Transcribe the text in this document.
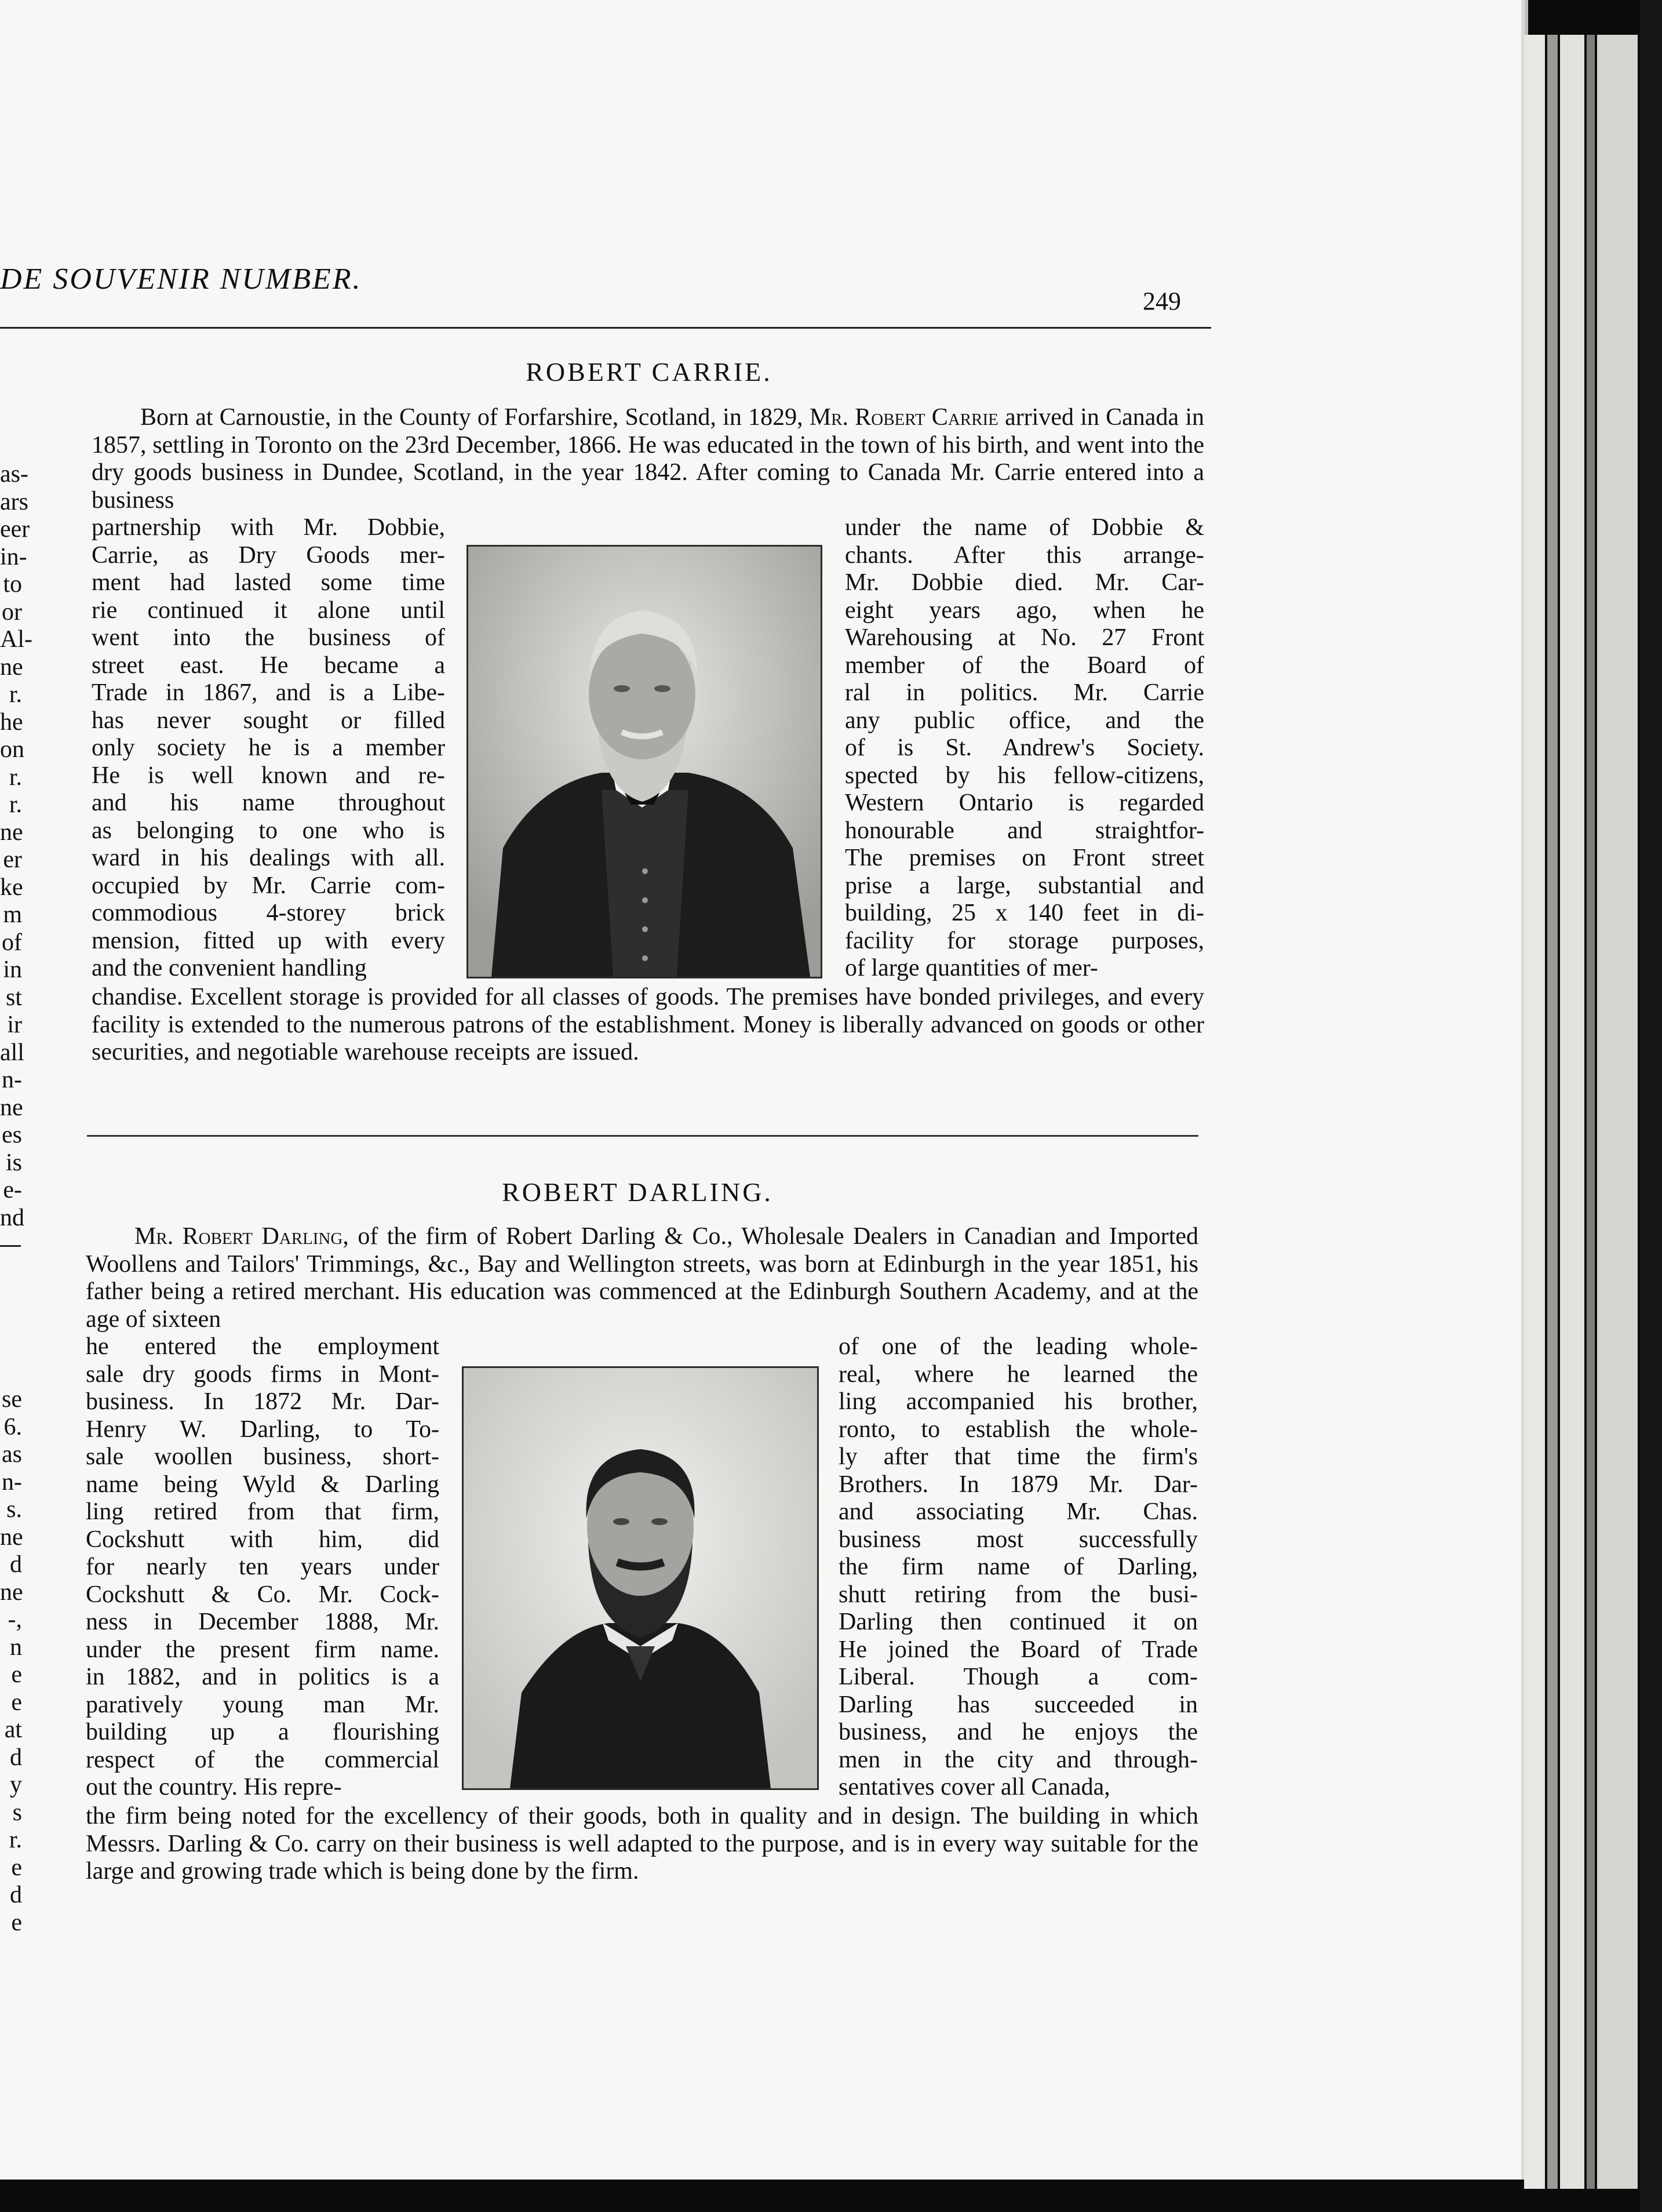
DE SOUVENIR NUMBER.
249

as-
ars
eer
in-
to
or
Al-
ne
r.
he
on
r.
r.
ne
er
ke
m
of
in
st
ir
all
n-
ne
es
is
e-
nd

se
6.
as
n-
s.
ne
d
ne
-,
n
e
e
at
d
y
s
r.
e
d
e

ROBERT CARRIE.

Born at Carnoustie, in the County of Forfarshire, Scotland, in 1829, Mr. Robert Carrie arrived in Canada in 1857, settling in Toronto on the 23rd December, 1866. He was educated in the town of his birth, and went into the dry goods business in Dundee, Scotland, in the year 1842. After coming to Canada Mr. Carrie entered into a business

partnership with Mr. Dobbie,
Carrie, as Dry Goods mer-
ment had lasted some time
rie continued it alone until
went into the business of
street east. He became a
Trade in 1867, and is a Libe-
has never sought or filled
only society he is a member
He is well known and re-
and his name throughout
as belonging to one who is
ward in his dealings with all.
occupied by Mr. Carrie com-
commodious 4-storey brick
mension, fitted up with every
and the convenient handling
under the name of Dobbie &
chants. After this arrange-
Mr. Dobbie died. Mr. Car-
eight years ago, when he
Warehousing at No. 27 Front
member of the Board of
ral in politics. Mr. Carrie
any public office, and the
of is St. Andrew's Society.
spected by his fellow-citizens,
Western Ontario is regarded
honourable and straightfor-
The premises on Front street
prise a large, substantial and
building, 25 x 140 feet in di-
facility for storage purposes,
of large quantities of mer-
chandise. Excellent storage is provided for all classes of goods. The premises have bonded privileges, and every facility is extended to the numerous patrons of the establishment. Money is liberally advanced on goods or other securities, and negotiable warehouse receipts are issued.
ROBERT DARLING.

Mr. Robert Darling, of the firm of Robert Darling & Co., Wholesale Dealers in Canadian and Imported Woollens and Tailors' Trimmings, &c., Bay and Wellington streets, was born at Edinburgh in the year 1851, his father being a retired merchant. His education was commenced at the Edinburgh Southern Academy, and at the age of sixteen

he entered the employment
sale dry goods firms in Mont-
business. In 1872 Mr. Dar-
Henry W. Darling, to To-
sale woollen business, short-
name being Wyld & Darling
ling retired from that firm,
Cockshutt with him, did
for nearly ten years under
Cockshutt & Co. Mr. Cock-
ness in December 1888, Mr.
under the present firm name.
in 1882, and in politics is a
paratively young man Mr.
building up a flourishing
respect of the commercial
out the country. His repre-
of one of the leading whole-
real, where he learned the
ling accompanied his brother,
ronto, to establish the whole-
ly after that time the firm's
Brothers. In 1879 Mr. Dar-
and associating Mr. Chas.
business most successfully
the firm name of Darling,
shutt retiring from the busi-
Darling then continued it on
He joined the Board of Trade
Liberal. Though a com-
Darling has succeeded in
business, and he enjoys the
men in the city and through-
sentatives cover all Canada,
the firm being noted for the excellency of their goods, both in quality and in design. The building in which Messrs. Darling & Co. carry on their business is well adapted to the purpose, and is in every way suitable for the large and growing trade which is being done by the firm.
